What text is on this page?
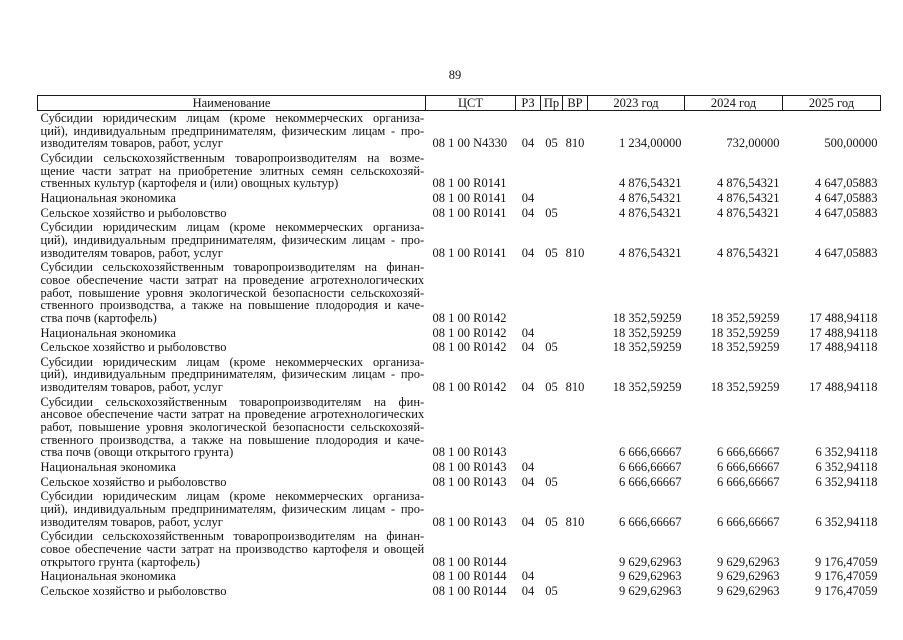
89
Наименование	ЦСТ	РЗ	Пр	ВР	2023 год	2024 год	2025 год

Субсидии юридическим лицам (кроме некоммерческих организа-
ций), индивидуальным предпринимателям, физическим лицам - про-
изводителям товаров, работ, услуг	08 1 00 N4330	04	05	810	1 234,00000	732,00000	500,00000

Субсидии сельскохозяйственным товаропроизводителям на возме-
щение части затрат на приобретение элитных семян сельскохозяй-
ственных культур (картофеля и (или) овощных культур)	08 1 00 R0141				4 876,54321	4 876,54321	4 647,05883

Национальная экономика	08 1 00 R0141	04			4 876,54321	4 876,54321	4 647,05883

Сельское хозяйство и рыболовство	08 1 00 R0141	04	05		4 876,54321	4 876,54321	4 647,05883

Субсидии юридическим лицам (кроме некоммерческих организа-
ций), индивидуальным предпринимателям, физическим лицам - про-
изводителям товаров, работ, услуг	08 1 00 R0141	04	05	810	4 876,54321	4 876,54321	4 647,05883

Субсидии сельскохозяйственным товаропроизводителям на финан-
совое обеспечение части затрат на проведение агротехнологических
работ, повышение уровня экологической безопасности сельскохозяй-
ственного производства, а также на повышение плодородия и каче-
ства почв (картофель)	08 1 00 R0142				18 352,59259	18 352,59259	17 488,94118

Национальная экономика	08 1 00 R0142	04			18 352,59259	18 352,59259	17 488,94118

Сельское хозяйство и рыболовство	08 1 00 R0142	04	05		18 352,59259	18 352,59259	17 488,94118

Субсидии юридическим лицам (кроме некоммерческих организа-
ций), индивидуальным предпринимателям, физическим лицам - про-
изводителям товаров, работ, услуг	08 1 00 R0142	04	05	810	18 352,59259	18 352,59259	17 488,94118

Субсидии сельскохозяйственным товаропроизводителям на фин-
ансовое обеспечение части затрат на проведение агротехнологических
работ, повышение уровня экологической безопасности сельскохозяй-
ственного производства, а также на повышение плодородия и каче-
ства почв (овощи открытого грунта)	08 1 00 R0143				6 666,66667	6 666,66667	6 352,94118

Национальная экономика	08 1 00 R0143	04			6 666,66667	6 666,66667	6 352,94118

Сельское хозяйство и рыболовство	08 1 00 R0143	04	05		6 666,66667	6 666,66667	6 352,94118

Субсидии юридическим лицам (кроме некоммерческих организа-
ций), индивидуальным предпринимателям, физическим лицам - про-
изводителям товаров, работ, услуг	08 1 00 R0143	04	05	810	6 666,66667	6 666,66667	6 352,94118

Субсидии сельскохозяйственным товаропроизводителям на финан-
совое обеспечение части затрат на производство картофеля и овощей
открытого грунта (картофель)	08 1 00 R0144				9 629,62963	9 629,62963	9 176,47059

Национальная экономика	08 1 00 R0144	04			9 629,62963	9 629,62963	9 176,47059

Сельское хозяйство и рыболовство	08 1 00 R0144	04	05		9 629,62963	9 629,62963	9 176,47059
